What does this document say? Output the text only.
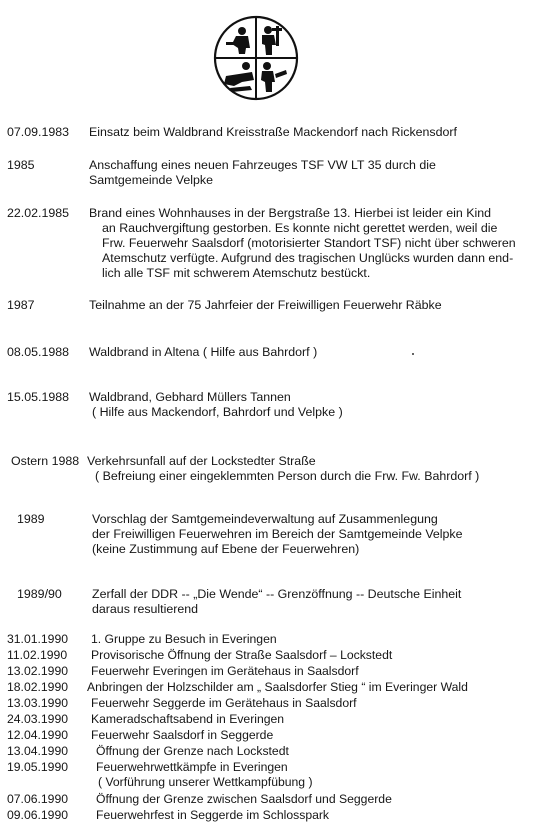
07.09.1983 Einsatz beim Waldbrand Kreisstraße Mackendorf nach Rickensdorf
1985	Anschaffung eines neuen Fahrzeuges TSF VW LT 35 durch die
Samtgemeinde Velpke
22.02.1985 Brand eines Wohnhauses in der Bergstraße 13. Hierbei ist leider ein Kind
an Rauchvergiftung gestorben. Es konnte nicht gerettet werden, weil die
Frw. Feuerwehr Saalsdorf (motorisierter Standort TSF) nicht über schweren
Atemschutz verfügte. Aufgrund des tragischen Unglücks wurden dann end-
lich alle TSF mit schwerem Atemschutz bestückt.
1987	Teilnahme an der 75 Jahrfeier der Freiwilligen Feuerwehr Räbke
08.05.1988 Waldbrand in Altena ( Hilfe aus Bahrdorf )
15.05.1988 Waldbrand, Gebhard Müllers Tannen
( Hilfe aus Mackendorf, Bahrdorf und Velpke )
Ostern 1988 Verkehrsunfall auf der Lockstedter Straße
( Befreiung einer eingeklemmten Person durch die Frw. Fw. Bahrdorf )
1989	Vorschlag der Samtgemeindeverwaltung auf Zusammenlegung
der Freiwilligen Feuerwehren im Bereich der Samtgemeinde Velpke
(keine Zustimmung auf Ebene der Feuerwehren)
1989/90 Zerfall der DDR -- „Die Wende“ -- Grenzöffnung -- Deutsche Einheit
daraus resultierend
31.01.1990 1. Gruppe zu Besuch in Everingen
11.02.1990 Provisorische Öffnung der Straße Saalsdorf – Lockstedt
13.02.1990 Feuerwehr Everingen im Gerätehaus in Saalsdorf
18.02.1990 Anbringen der Holzschilder am „ Saalsdorfer Stieg “ im Everinger Wald
13.03.1990 Feuerwehr Seggerde im Gerätehaus in Saalsdorf
24.03.1990 Kameradschaftsabend in Everingen
12.04.1990 Feuerwehr Saalsdorf in Seggerde
13.04.1990 Öffnung der Grenze nach Lockstedt
19.05.1990 Feuerwehrwettkämpfe in Everingen
( Vorführung unserer Wettkampfübung )
07.06.1990 Öffnung der Grenze zwischen Saalsdorf und Seggerde
09.06.1990 Feuerwehrfest in Seggerde im Schlosspark
